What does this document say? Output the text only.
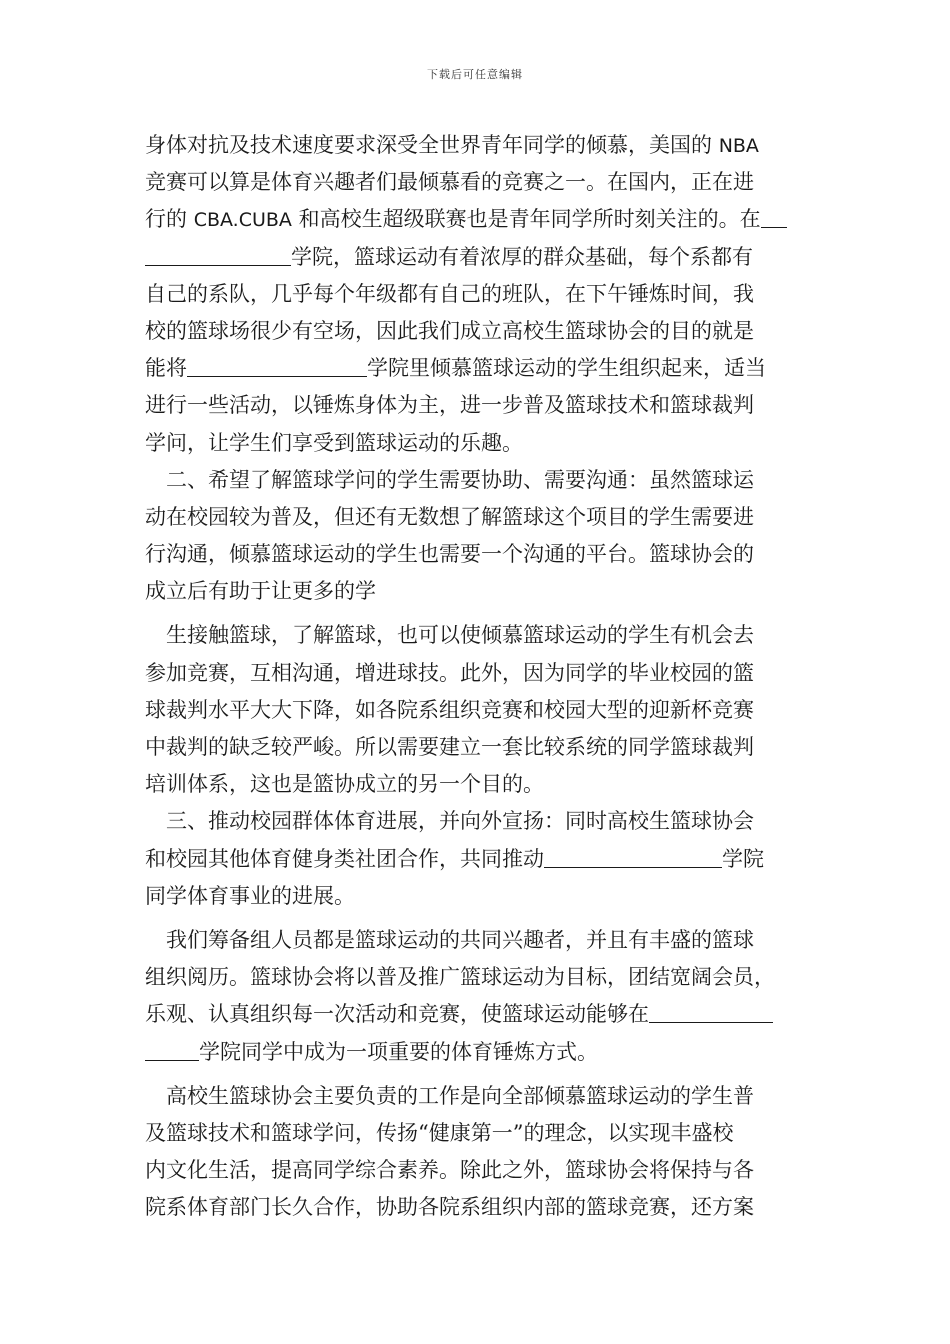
下载后可任意编辑
身体对抗及技术速度要求深受全世界青年同学的倾慕，美国的 NBA
竞赛可以算是体育兴趣者们最倾慕看的竞赛之一。在国内，正在进
行的 CBA.CUBA 和高校生超级联赛也是青年同学所时刻关注的。在
学院，篮球运动有着浓厚的群众基础，每个系都有
自己的系队，几乎每个年级都有自己的班队，在下午锤炼时间，我
校的篮球场很少有空场，因此我们成立高校生篮球协会的目的就是
能将	学院里倾慕篮球运动的学生组织起来，适当
进行一些活动，以锤炼身体为主，进一步普及篮球技术和篮球裁判
学问，让学生们享受到篮球运动的乐趣。
二、希望了解篮球学问的学生需要协助、需要沟通：虽然篮球运
动在校园较为普及，但还有无数想了解篮球这个项目的学生需要进
行沟通，倾慕篮球运动的学生也需要一个沟通的平台。篮球协会的
成立后有助于让更多的学
生接触篮球，了解篮球，也可以使倾慕篮球运动的学生有机会去
参加竞赛，互相沟通，增进球技。此外，因为同学的毕业校园的篮
球裁判水平大大下降，如各院系组织竞赛和校园大型的迎新杯竞赛
中裁判的缺乏较严峻。所以需要建立一套比较系统的同学篮球裁判
培训体系，这也是篮协成立的另一个目的。
三、推动校园群体体育进展，并向外宣扬：同时高校生篮球协会
和校园其他体育健身类社团合作，共同推动	学院
同学体育事业的进展。
我们筹备组人员都是篮球运动的共同兴趣者，并且有丰盛的篮球
组织阅历。篮球协会将以普及推广篮球运动为目标，团结宽阔会员，
乐观、认真组织每一次活动和竞赛，使篮球运动能够在
学院同学中成为一项重要的体育锤炼方式。
高校生篮球协会主要负责的工作是向全部倾慕篮球运动的学生普
及篮球技术和篮球学问，传扬“健康第一”的理念，以实现丰盛校
内文化生活，提高同学综合素养。除此之外，篮球协会将保持与各
院系体育部门长久合作，协助各院系组织内部的篮球竞赛，还方案
